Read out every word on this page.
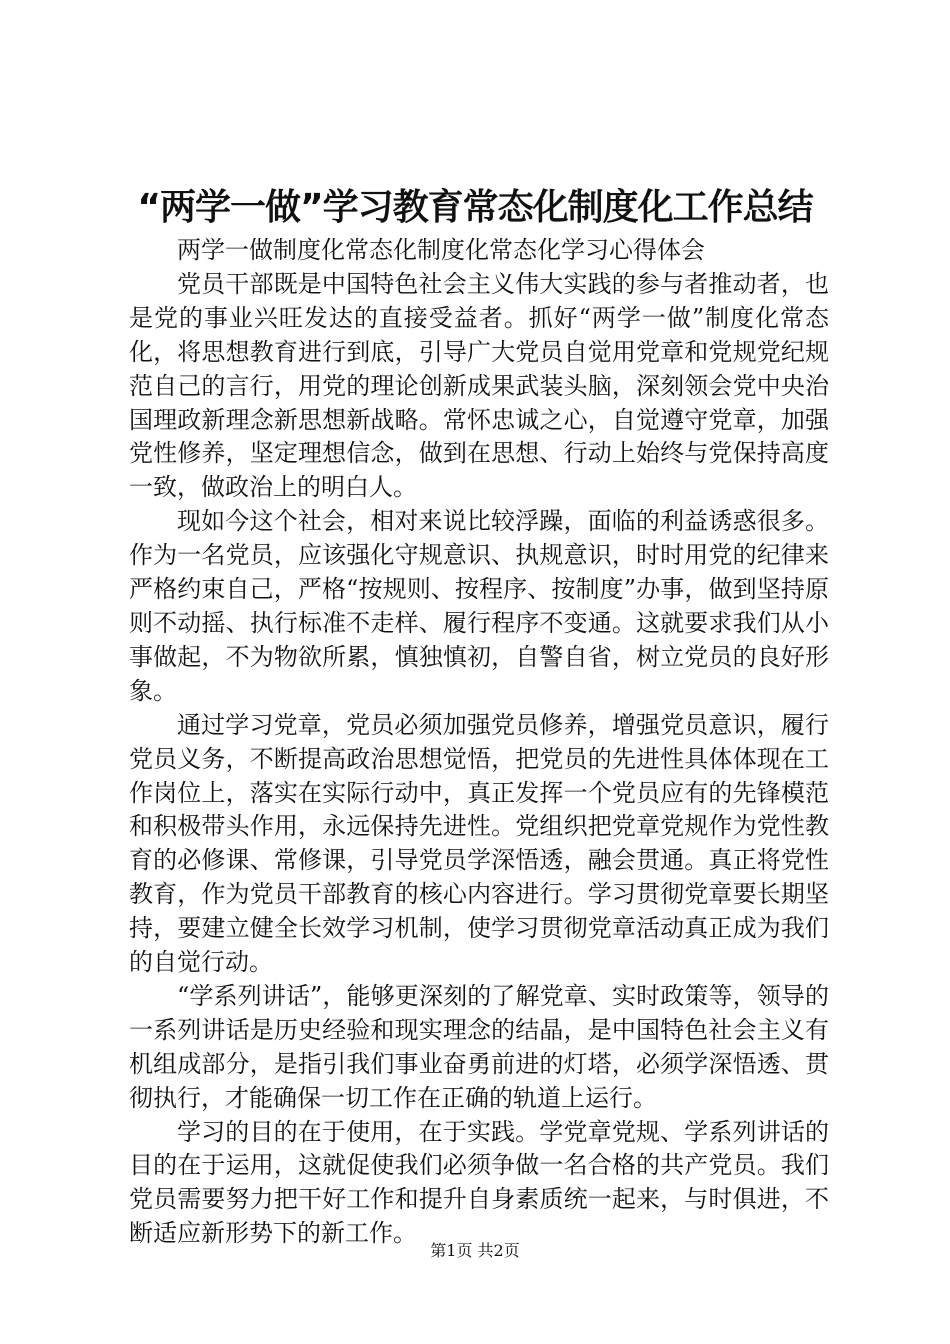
“两学一做”学习教育常态化制度化工作总结

两学一做制度化常态化制度化常态化学习心得体会

党员干部既是中国特色社会主义伟大实践的参与者推动者，也是党的事业兴旺发达的直接受益者。抓好“两学一做”制度化常态化，将思想教育进行到底，引导广大党员自觉用党章和党规党纪规范自己的言行，用党的理论创新成果武装头脑，深刻领会党中央治国理政新理念新思想新战略。常怀忠诚之心，自觉遵守党章，加强党性修养，坚定理想信念，做到在思想、行动上始终与党保持高度一致，做政治上的明白人。

现如今这个社会，相对来说比较浮躁，面临的利益诱惑很多。作为一名党员，应该强化守规意识、执规意识，时时用党的纪律来严格约束自己，严格“按规则、按程序、按制度”办事，做到坚持原则不动摇、执行标准不走样、履行程序不变通。这就要求我们从小事做起，不为物欲所累，慎独慎初，自警自省，树立党员的良好形象。

通过学习党章，党员必须加强党员修养，增强党员意识，履行党员义务，不断提高政治思想觉悟，把党员的先进性具体体现在工作岗位上，落实在实际行动中，真正发挥一个党员应有的先锋模范和积极带头作用，永远保持先进性。党组织把党章党规作为党性教育的必修课、常修课，引导党员学深悟透，融会贯通。真正将党性教育，作为党员干部教育的核心内容进行。学习贯彻党章要长期坚持，要建立健全长效学习机制，使学习贯彻党章活动真正成为我们的自觉行动。

“学系列讲话”，能够更深刻的了解党章、实时政策等，领导的一系列讲话是历史经验和现实理念的结晶，是中国特色社会主义有机组成部分，是指引我们事业奋勇前进的灯塔，必须学深悟透、贯彻执行，才能确保一切工作在正确的轨道上运行。

学习的目的在于使用，在于实践。学党章党规、学系列讲话的目的在于运用，这就促使我们必须争做一名合格的共产党员。我们党员需要努力把干好工作和提升自身素质统一起来，与时俱进，不断适应新形势下的新工作。

第1页 共2页
